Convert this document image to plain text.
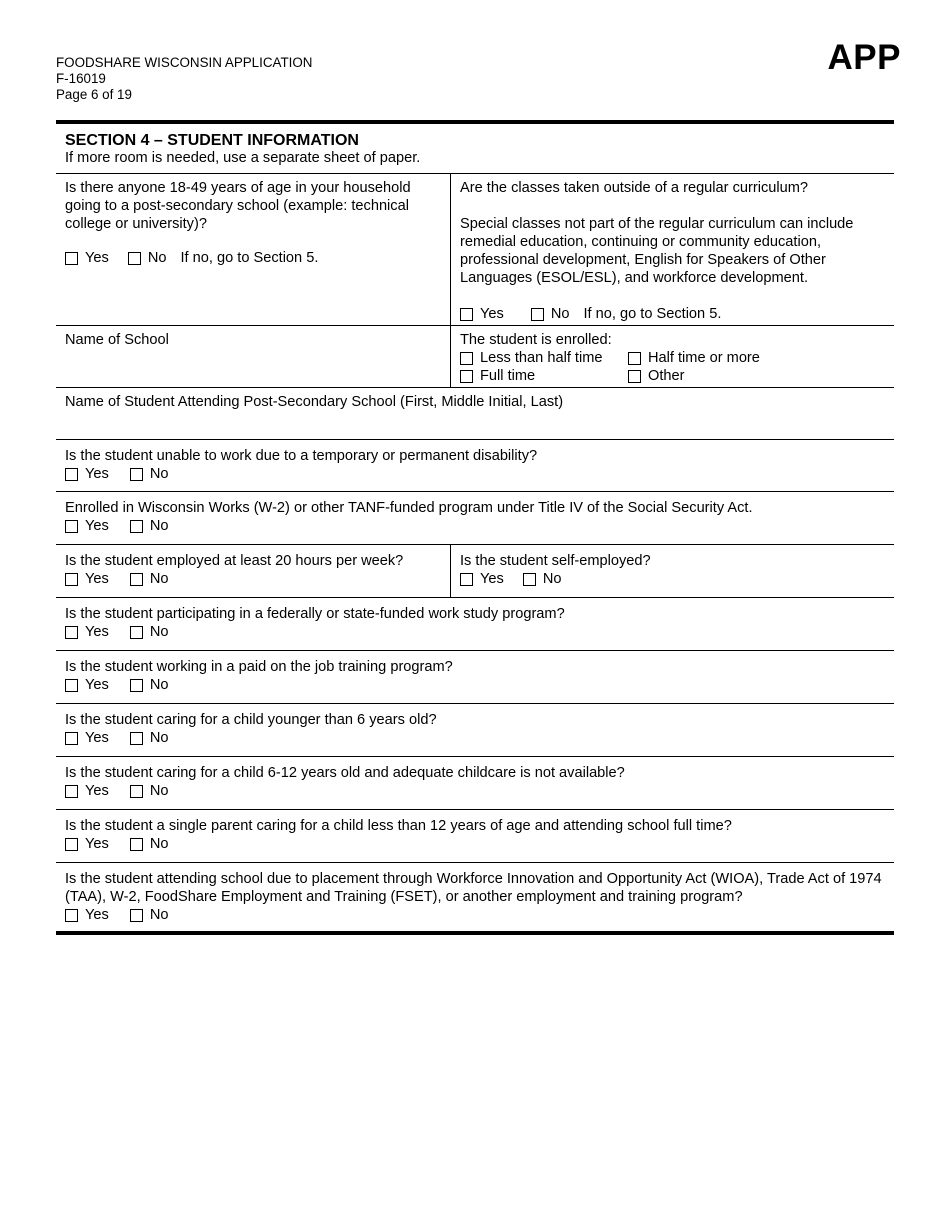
FOODSHARE WISCONSIN APPLICATION
F-16019
Page 6 of 19
APP
SECTION 4 – STUDENT INFORMATION
If more room is needed, use a separate sheet of paper.
Is there anyone 18-49 years of age in your household going to a post-secondary school (example: technical college or university)?
Yes	No If no, go to Section 5.
Are the classes taken outside of a regular curriculum?
Special classes not part of the regular curriculum can include remedial education, continuing or community education, professional development, English for Speakers of Other Languages (ESOL/ESL), and workforce development.
Yes	No If no, go to Section 5.
Name of School	The student is enrolled:
Less than half time	Half time or more
Full time	Other
Name of Student Attending Post-Secondary School (First, Middle Initial, Last)
Is the student unable to work due to a temporary or permanent disability?
Yes	No
Enrolled in Wisconsin Works (W-2) or other TANF-funded program under Title IV of the Social Security Act.
Yes	No
Is the student employed at least 20 hours per week?
Yes	No
Is the student self-employed?
Yes	No
Is the student participating in a federally or state-funded work study program?
Yes	No
Is the student working in a paid on the job training program?
Yes	No
Is the student caring for a child younger than 6 years old?
Yes	No
Is the student caring for a child 6-12 years old and adequate childcare is not available?
Yes	No
Is the student a single parent caring for a child less than 12 years of age and attending school full time?
Yes	No
Is the student attending school due to placement through Workforce Innovation and Opportunity Act (WIOA), Trade Act of 1974 (TAA), W-2, FoodShare Employment and Training (FSET), or another employment and training program?
Yes	No
